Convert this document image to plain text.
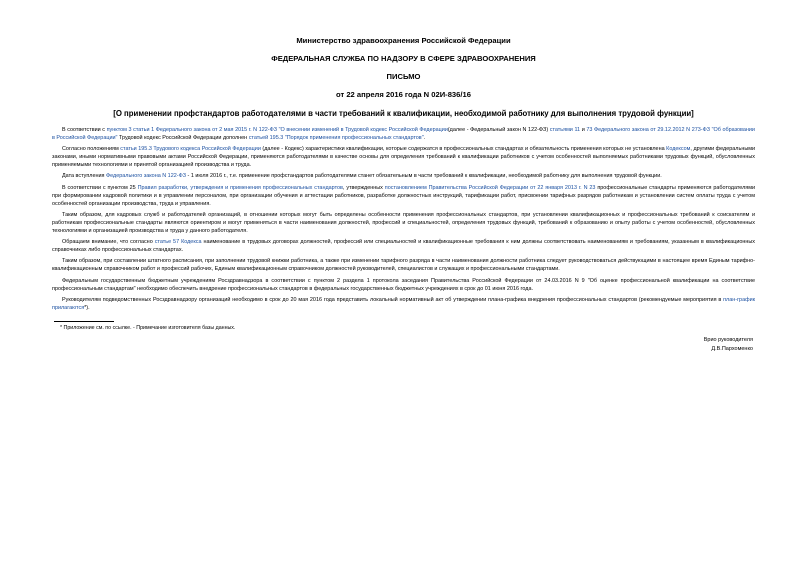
Министерство здравоохранения Российской Федерации
ФЕДЕРАЛЬНАЯ СЛУЖБА ПО НАДЗОРУ В СФЕРЕ ЗДРАВООХРАНЕНИЯ
ПИСЬМО
от 22 апреля 2016 года N 02И-836/16
[О применении профстандартов работодателями в части требований к квалификации, необходимой работнику для выполнения трудовой функции]

В соответствии с пунктом 3 статьи 1 Федерального закона от 2 мая 2015 г. N 122-ФЗ "О внесении изменений в Трудовой кодекс Российской Федерации(далее - Федеральный закон N 122-ФЗ) статьями 11 и 73 Федерального закона от 29.12.2012 N 273-ФЗ "Об образовании в Российской Федерации" Трудовой кодекс Российской Федерации дополнен статьей 195.3 "Порядок применения профессиональных стандартов".

Согласно положениям статьи 195.3 Трудового кодекса Российской Федерации (далее - Кодекс) характеристики квалификации, которые содержатся в профессиональных стандартах и обязательность применения которых не установлена Кодексом, другими федеральными законами, иными нормативными правовыми актами Российской Федерации, применяются работодателями в качестве основы для определения требований к квалификации работников с учетом особенностей выполняемых работниками трудовых функций, обусловленных применяемыми технологиями и принятой организацией производства и труда.

Дата вступления Федерального закона N 122-ФЗ - 1 июля 2016 г., т.е. применение профстандартов работодателями станет обязательным в части требований к квалификации, необходимой работнику для выполнения трудовой функции.

В соответствии с пунктом 25 Правил разработки, утверждения и применения профессиональных стандартов, утвержденных постановлением Правительства Российской Федерации от 22 января 2013 г. N 23 профессиональные стандарты применяются работодателями при формировании кадровой политики и в управлении персоналом, при организации обучения и аттестации работников, разработке должностных инструкций, тарификации работ, присвоении тарифных разрядов работникам и установлении систем оплаты труда с учетом особенностей организации производства, труда и управления.

Таким образом, для кадровых служб и работодателей организаций, в отношении которых могут быть определены особенности применения профессиональных стандартов, при установлении квалификационных и профессиональных требований к соискателям и работникам профессиональные стандарты являются ориентиром и могут применяться в части наименования должностей, профессий и специальностей, определения трудовых функций, требований к образованию и опыту работы с учетом особенностей, обусловленных технологиями и организацией производства и труда у данного работодателя.

Обращаем внимание, что согласно статье 57 Кодекса наименование в трудовых договорах должностей, профессий или специальностей и квалификационные требования к ним должны соответствовать наименованиям и требованиям, указанным в квалификационных справочниках либо профессиональных стандартах.

Таким образом, при составлении штатного расписания, при заполнении трудовой книжки работника, а также при изменении тарифного разряда в части наименования должности работника следует руководствоваться действующими в настоящее время Единым тарифно-квалификационным справочником работ и профессий рабочих, Единым квалификационным справочником должностей руководителей, специалистов и служащих и профессиональными стандартами.

Федеральным государственным бюджетным учреждениям Росздравнадзора в соответствии с пунктом 2 раздела 1 протокола заседания Правительства Российской Федерации от 24.03.2016 N 9 "Об оценке профессиональной квалификации на соответствие профессиональным стандартам" необходимо обеспечить внедрение профессиональных стандартов в федеральных государственных бюджетных учреждениях в срок до 01 июня 2016 года.

Руководителям подведомственных Росздравнадзору организаций необходимо в срок до 20 мая 2016 года представить локальный нормативный акт об утверждении плана-графика внедрения профессиональных стандартов (рекомендуемые мероприятия в план-график прилагаются*).

* Приложение см. по ссылке. - Примечание изготовителя базы данных.
Врио руководителя
Д.В.Пархоменко
